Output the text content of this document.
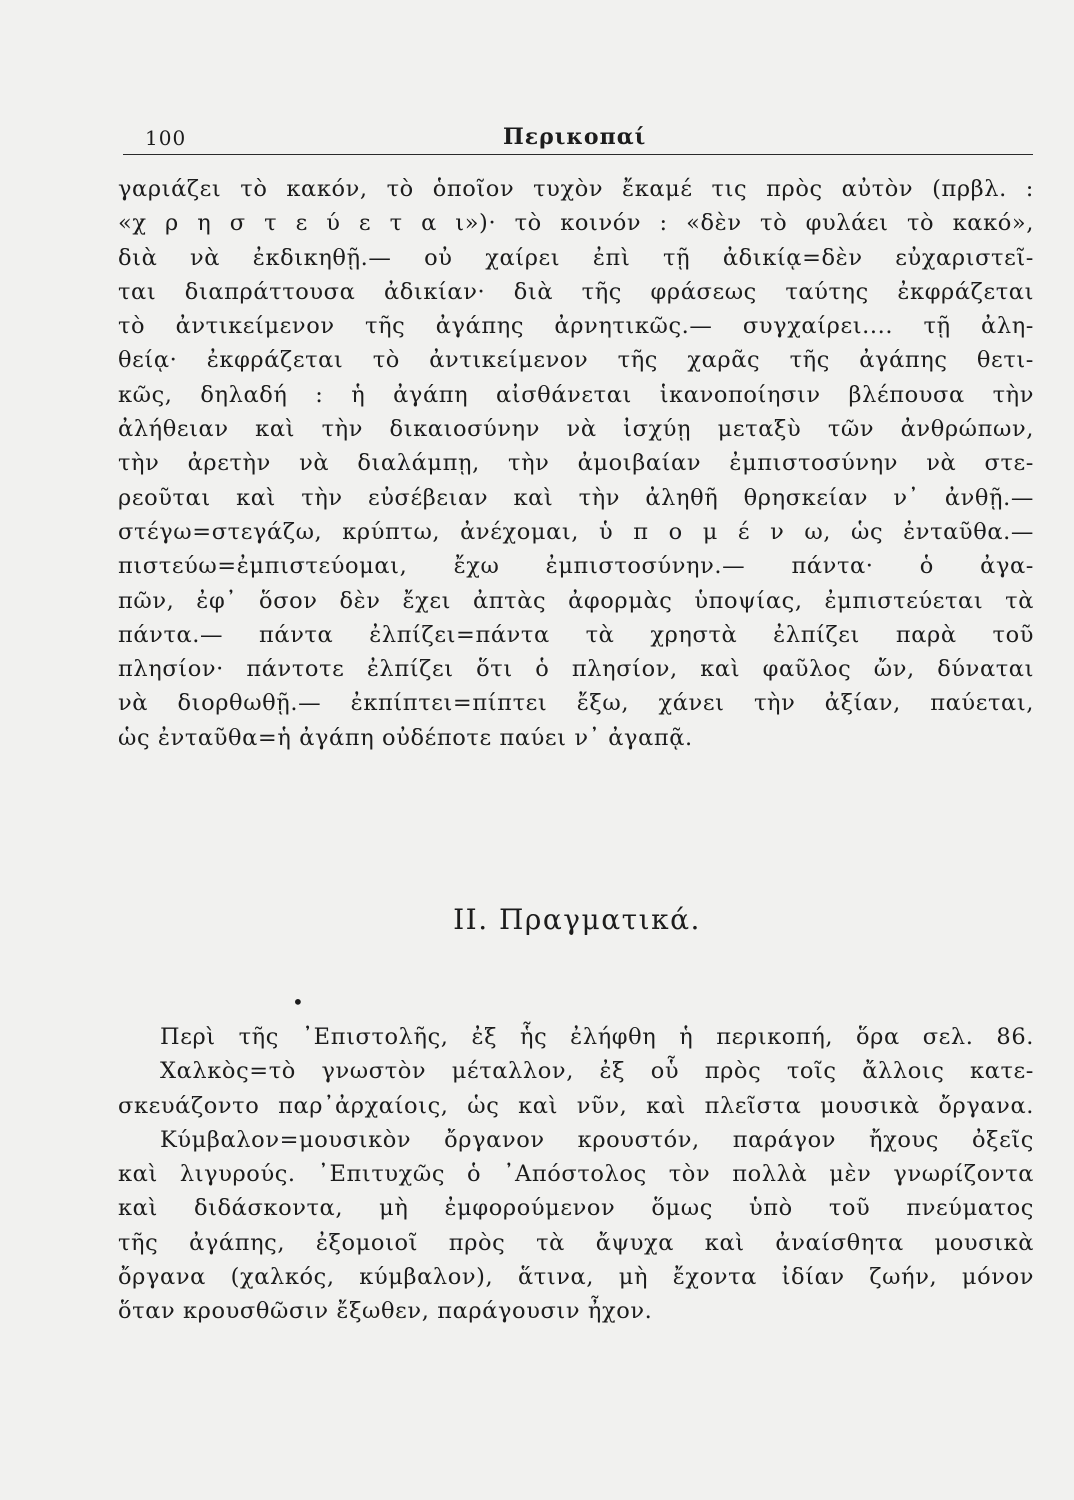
100	Περικοπαί
γαριάζει τὸ κακόν, τὸ ὁποῖον τυχὸν ἔκαμέ τις πρὸς αὐτὸν (πρβλ. :
«χ ρ η σ τ ε ύ ε τ α ι»)· τὸ κοινόν : «δὲν τὸ φυλάει τὸ κακό»,
διὰ νὰ ἐκδικηθῇ.— οὐ χαίρει ἐπὶ τῇ ἀδικίᾳ=δὲν εὐχαριστεῖ-
ται διαπράττουσα ἀδικίαν· διὰ τῆς φράσεως ταύτης ἐκφράζεται
τὸ ἀντικείμενον τῆς ἀγάπης ἀρνητικῶς.— συγχαίρει.... τῇ ἀλη-
θείᾳ· ἐκφράζεται τὸ ἀντικείμενον τῆς χαρᾶς τῆς ἀγάπης θετι-
κῶς, δηλαδή : ἡ ἀγάπη αἰσθάνεται ἱκανοποίησιν βλέπουσα τὴν
ἀλήθειαν καὶ τὴν δικαιοσύνην νὰ ἰσχύῃ μεταξὺ τῶν ἀνθρώπων,
τὴν ἀρετὴν νὰ διαλάμπῃ, τὴν ἀμοιβαίαν ἐμπιστοσύνην νὰ στε-
ρεοῦται καὶ τὴν εὐσέβειαν καὶ τὴν ἀληθῆ θρησκείαν ν᾿ ἀνθῇ.—
στέγω=στεγάζω, κρύπτω, ἀνέχομαι, ὑ π ο μ έ ν ω, ὡς ἐνταῦθα.—
πιστεύω=ἐμπιστεύομαι, ἔχω ἐμπιστοσύνην.— πάντα· ὁ ἀγα-
πῶν, ἐφ᾿ ὅσον δὲν ἔχει ἀπτὰς ἀφορμὰς ὑποψίας, ἐμπιστεύεται τὰ
πάντα.— πάντα ἐλπίζει=πάντα τὰ χρηστὰ ἐλπίζει παρὰ τοῦ
πλησίον· πάντοτε ἐλπίζει ὅτι ὁ πλησίον, καὶ φαῦλος ὤν, δύναται
νὰ διορθωθῇ.— ἐκπίπτει=πίπτει ἔξω, χάνει τὴν ἀξίαν, παύεται,
ὡς ἐνταῦθα=ἡ ἀγάπη οὐδέποτε παύει ν᾿ ἀγαπᾷ.
II. Πραγματικά.
•
Περὶ τῆς ᾿Επιστολῆς, ἐξ ἧς ἐλήφθη ἡ περικοπή, ὅρα σελ. 86.
Χαλκὸς=τὸ γνωστὸν μέταλλον, ἐξ οὗ πρὸς τοῖς ἄλλοις κατε-
σκευάζοντο παρ᾿ἀρχαίοις, ὡς καὶ νῦν, καὶ πλεῖστα μουσικὰ ὄργανα.
Κύμβαλον=μουσικὸν ὄργανον κρουστόν, παράγον ἤχους ὀξεῖς
καὶ λιγυρούς. ᾿Επιτυχῶς ὁ ᾿Απόστολος τὸν πολλὰ μὲν γνωρίζοντα
καὶ διδάσκοντα, μὴ ἐμφορούμενον ὅμως ὑπὸ τοῦ πνεύματος
τῆς ἀγάπης, ἐξομοιοῖ πρὸς τὰ ἄψυχα καὶ ἀναίσθητα μουσικὰ
ὄργανα (χαλκός, κύμβαλον), ἅτινα, μὴ ἔχοντα ἰδίαν ζωήν, μόνον
ὅταν κρουσθῶσιν ἔξωθεν, παράγουσιν ἦχον.
